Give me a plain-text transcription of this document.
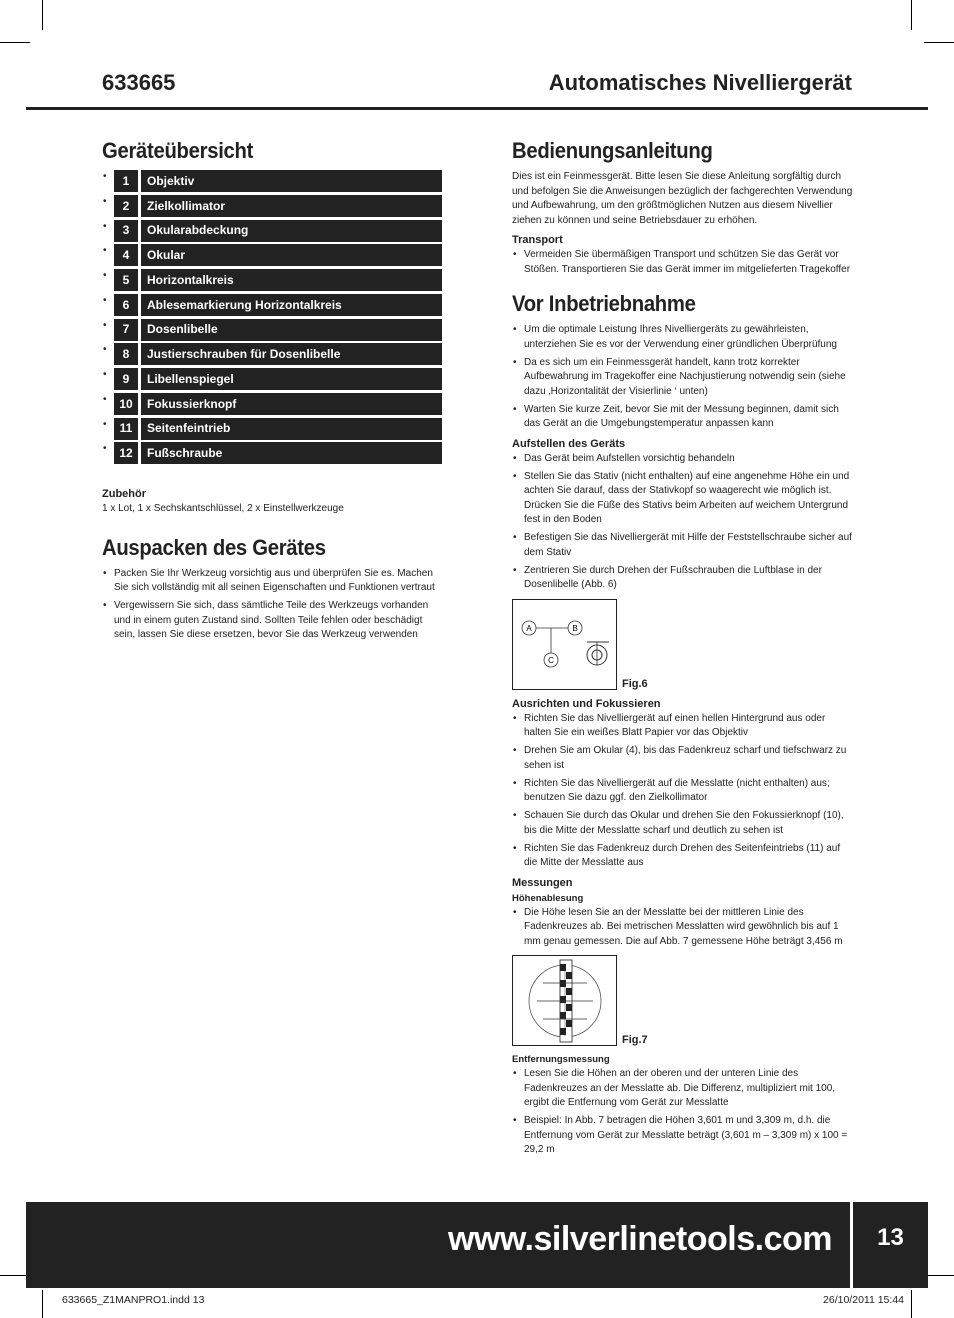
633665	Automatisches Nivelliergerät
Geräteübersicht
• 1	Objektiv
• 2	Zielkollimator
• 3	Okularabdeckung
• 4	Okular
• 5	Horizontalkreis
• 6	Ablesemarkierung Horizontalkreis
• 7	Dosenlibelle
• 8	Justierschrauben für Dosenlibelle
• 9	Libellenspiegel
• 10	Fokussierknopf
• 11	Seitenfeintrieb
• 12	Fußschraube
Zubehör

1 x Lot, 1 x Sechskantschlüssel, 2 x Einstellwerkzeuge

Auspacken des Gerätes
• Packen Sie Ihr Werkzeug vorsichtig aus und überprüfen Sie es. Machen Sie sich vollständig mit all seinen Eigenschaften und Funktionen vertraut
• Vergewissern Sie sich, dass sämtliche Teile des Werkzeugs vorhanden und in einem guten Zustand sind. Sollten Teile fehlen oder beschädigt sein, lassen Sie diese ersetzen, bevor Sie das Werkzeug verwenden
Bedienungsanleitung

Dies ist ein Feinmessgerät. Bitte lesen Sie diese Anleitung sorgfältig durch und befolgen Sie die Anweisungen bezüglich der fachgerechten Verwendung und Aufbewahrung, um den größtmöglichen Nutzen aus diesem Nivellier ziehen zu können und seine Betriebsdauer zu erhöhen.

Transport
• Vermeiden Sie übermäßigen Transport und schützen Sie das Gerät vor Stößen. Transportieren Sie das Gerät immer im mitgelieferten Tragekoffer
Vor Inbetriebnahme
• Um die optimale Leistung Ihres Nivelliergeräts zu gewährleisten, unterziehen Sie es vor der Verwendung einer gründlichen Überprüfung
• Da es sich um ein Feinmessgerät handelt, kann trotz korrekter Aufbewahrung im Tragekoffer eine Nachjustierung notwendig sein (siehe dazu ‚Horizontalität der Visierlinie ‘ unten)
• Warten Sie kurze Zeit, bevor Sie mit der Messung beginnen, damit sich das Gerät an die Umgebungstemperatur anpassen kann
Aufstellen des Geräts
• Das Gerät beim Aufstellen vorsichtig behandeln
• Stellen Sie das Stativ (nicht enthalten) auf eine angenehme Höhe ein und achten Sie darauf, dass der Stativkopf so waagerecht wie möglich ist. Drücken Sie die Füße des Stativs beim Arbeiten auf weichem Untergrund fest in den Boden
• Befestigen Sie das Nivelliergerät mit Hilfe der Feststellschraube sicher auf dem Stativ
• Zentrieren Sie durch Drehen der Fußschrauben die Luftblase in der Dosenlibelle (Abb. 6)
A	B
C
Fig.6
Ausrichten und Fokussieren
• Richten Sie das Nivelliergerät auf einen hellen Hintergrund aus oder halten Sie ein weißes Blatt Papier vor das Objektiv
• Drehen Sie am Okular (4), bis das Fadenkreuz scharf und tiefschwarz zu sehen ist
• Richten Sie das Nivelliergerät auf die Messlatte (nicht enthalten) aus; benutzen Sie dazu ggf. den Zielkollimator
• Schauen Sie durch das Okular und drehen Sie den Fokussierknopf (10), bis die Mitte der Messlatte scharf und deutlich zu sehen ist
• Richten Sie das Fadenkreuz durch Drehen des Seitenfeintriebs (11) auf die Mitte der Messlatte aus
Messungen
Höhenablesung
• Die Höhe lesen Sie an der Messlatte bei der mittleren Linie des Fadenkreuzes ab. Bei metrischen Messlatten wird gewöhnlich bis auf 1 mm genau gemessen. Die auf Abb. 7 gemessene Höhe beträgt 3,456 m
Fig.7
Entfernungsmessung
• Lesen Sie die Höhen an der oberen und der unteren Linie des Fadenkreuzes an der Messlatte ab. Die Differenz, multipliziert mit 100, ergibt die Entfernung vom Gerät zur Messlatte
• Beispiel: In Abb. 7 betragen die Höhen 3,601 m und 3,309 m, d.h. die Entfernung vom Gerät zur Messlatte beträgt (3,601 m – 3,309 m) x 100 = 29,2 m
www.silverlinetools.com	13
633665_Z1MANPRO1.indd 13	26/10/2011 15:44
